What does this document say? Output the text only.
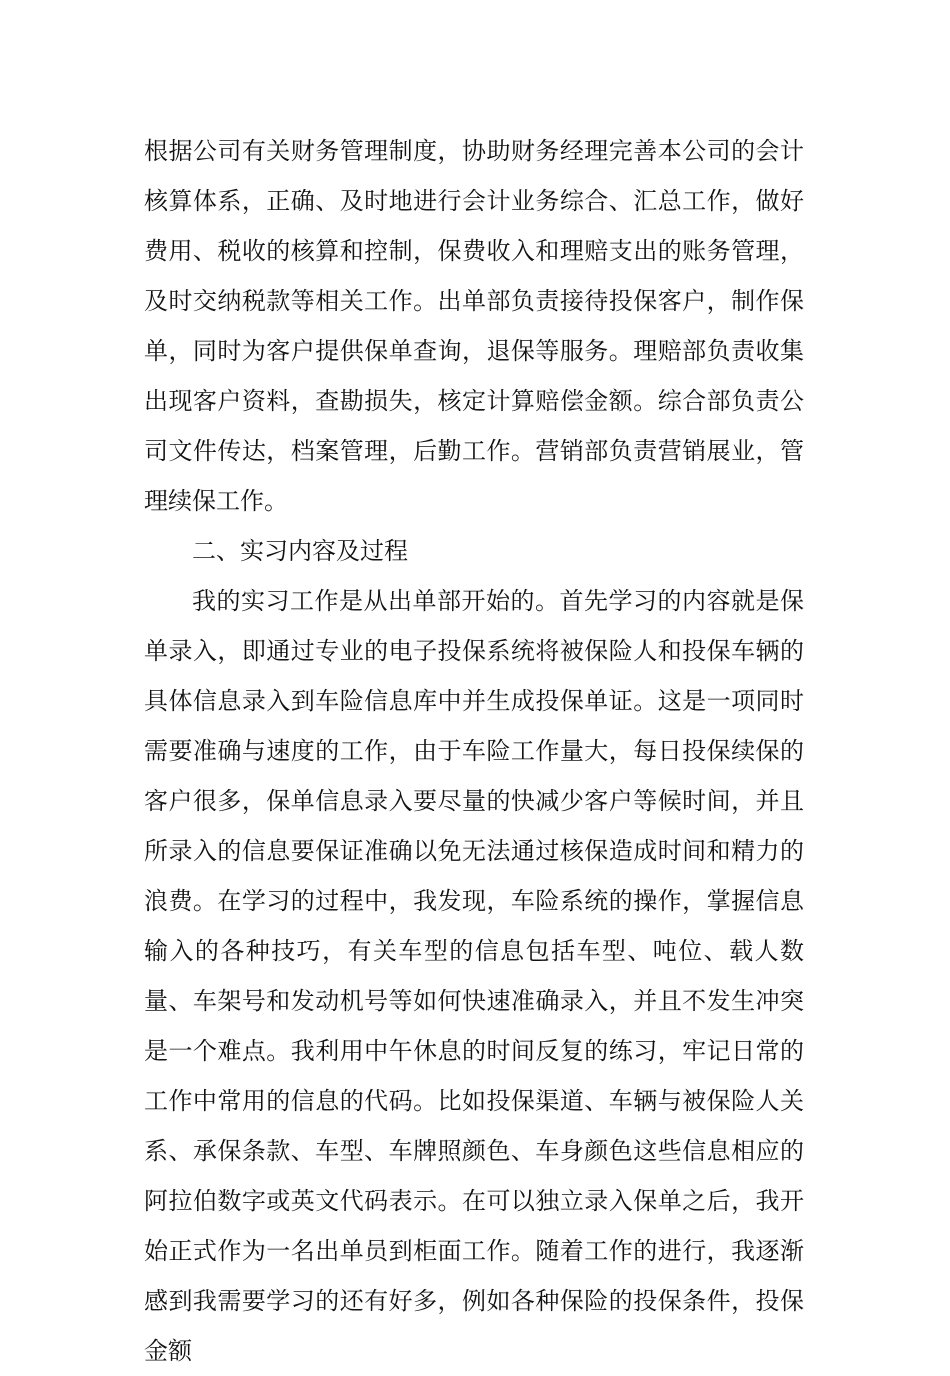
根据公司有关财务管理制度，协助财务经理完善本公司的会计核算体系，正确、及时地进行会计业务综合、汇总工作，做好费用、税收的核算和控制，保费收入和理赔支出的账务管理，及时交纳税款等相关工作。出单部负责接待投保客户，制作保单，同时为客户提供保单查询，退保等服务。理赔部负责收集出现客户资料，查勘损失，核定计算赔偿金额。综合部负责公司文件传达，档案管理，后勤工作。营销部负责营销展业，管理续保工作。

二、实习内容及过程

我的实习工作是从出单部开始的。首先学习的内容就是保单录入，即通过专业的电子投保系统将被保险人和投保车辆的具体信息录入到车险信息库中并生成投保单证。这是一项同时需要准确与速度的工作，由于车险工作量大，每日投保续保的客户很多，保单信息录入要尽量的快减少客户等候时间，并且所录入的信息要保证准确以免无法通过核保造成时间和精力的浪费。在学习的过程中，我发现，车险系统的操作，掌握信息输入的各种技巧，有关车型的信息包括车型、吨位、载人数量、车架号和发动机号等如何快速准确录入，并且不发生冲突是一个难点。我利用中午休息的时间反复的练习，牢记日常的工作中常用的信息的代码。比如投保渠道、车辆与被保险人关系、承保条款、车型、车牌照颜色、车身颜色这些信息相应的阿拉伯数字或英文代码表示。在可以独立录入保单之后，我开始正式作为一名出单员到柜面工作。随着工作的进行，我逐渐感到我需要学习的还有好多，例如各种保险的投保条件，投保金额
